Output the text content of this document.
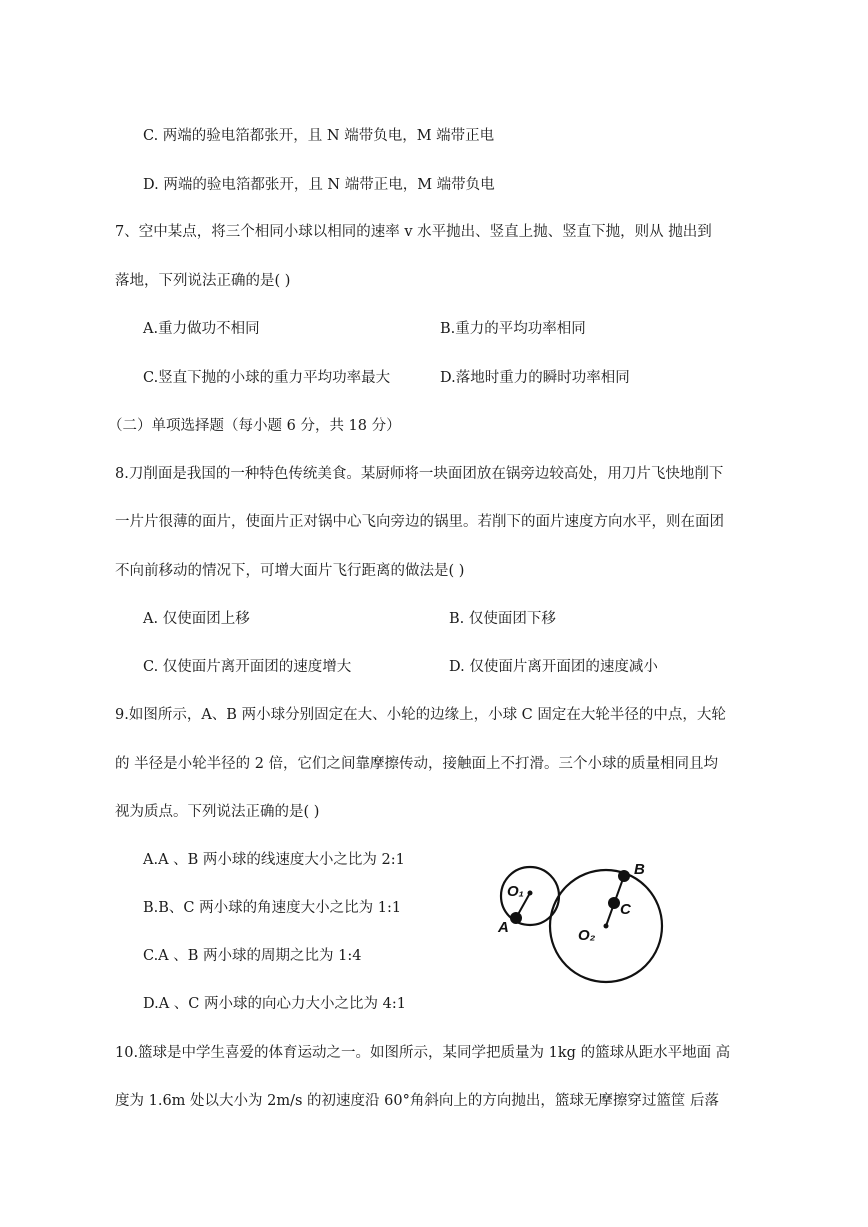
C. 两端的验电箔都张开，且 N 端带负电，M 端带正电
D. 两端的验电箔都张开，且 N 端带正电，M 端带负电
7、空中某点，将三个相同小球以相同的速率 v 水平抛出、竖直上抛、竖直下抛，则从 抛出到
落地，下列说法正确的是( )
A.重力做功不相同	B.重力的平均功率相同
C.竖直下抛的小球的重力平均功率最大	D.落地时重力的瞬时功率相同
（二）单项选择题（每小题 6 分，共 18 分）
8.刀削面是我国的一种特色传统美食。某厨师将一块面团放在锅旁边较高处，用刀片飞快地削下
一片片很薄的面片，使面片正对锅中心飞向旁边的锅里。若削下的面片速度方向水平，则在面团
不向前移动的情况下，可增大面片飞行距离的做法是( )
A. 仅使面团上移	B. 仅使面团下移
C. 仅使面片离开面团的速度增大	D. 仅使面片离开面团的速度减小
9.如图所示，A、B 两小球分别固定在大、小轮的边缘上，小球 C 固定在大轮半径的中点，大轮
的 半径是小轮半径的 2 倍，它们之间靠摩擦传动，接触面上不打滑。三个小球的质量相同且均
视为质点。下列说法正确的是( )
A.A 、B 两小球的线速度大小之比为 2:1
B.B、C 两小球的角速度大小之比为 1:1
C.A 、B 两小球的周期之比为 1:4
D.A 、C 两小球的向心力大小之比为 4:1
O₁
O₂
A
B
C
10.篮球是中学生喜爱的体育运动之一。如图所示，某同学把质量为 1kg 的篮球从距水平地面 高
度为 1.6m 处以大小为 2m/s 的初速度沿 60°角斜向上的方向抛出，篮球无摩擦穿过篮筐 后落
